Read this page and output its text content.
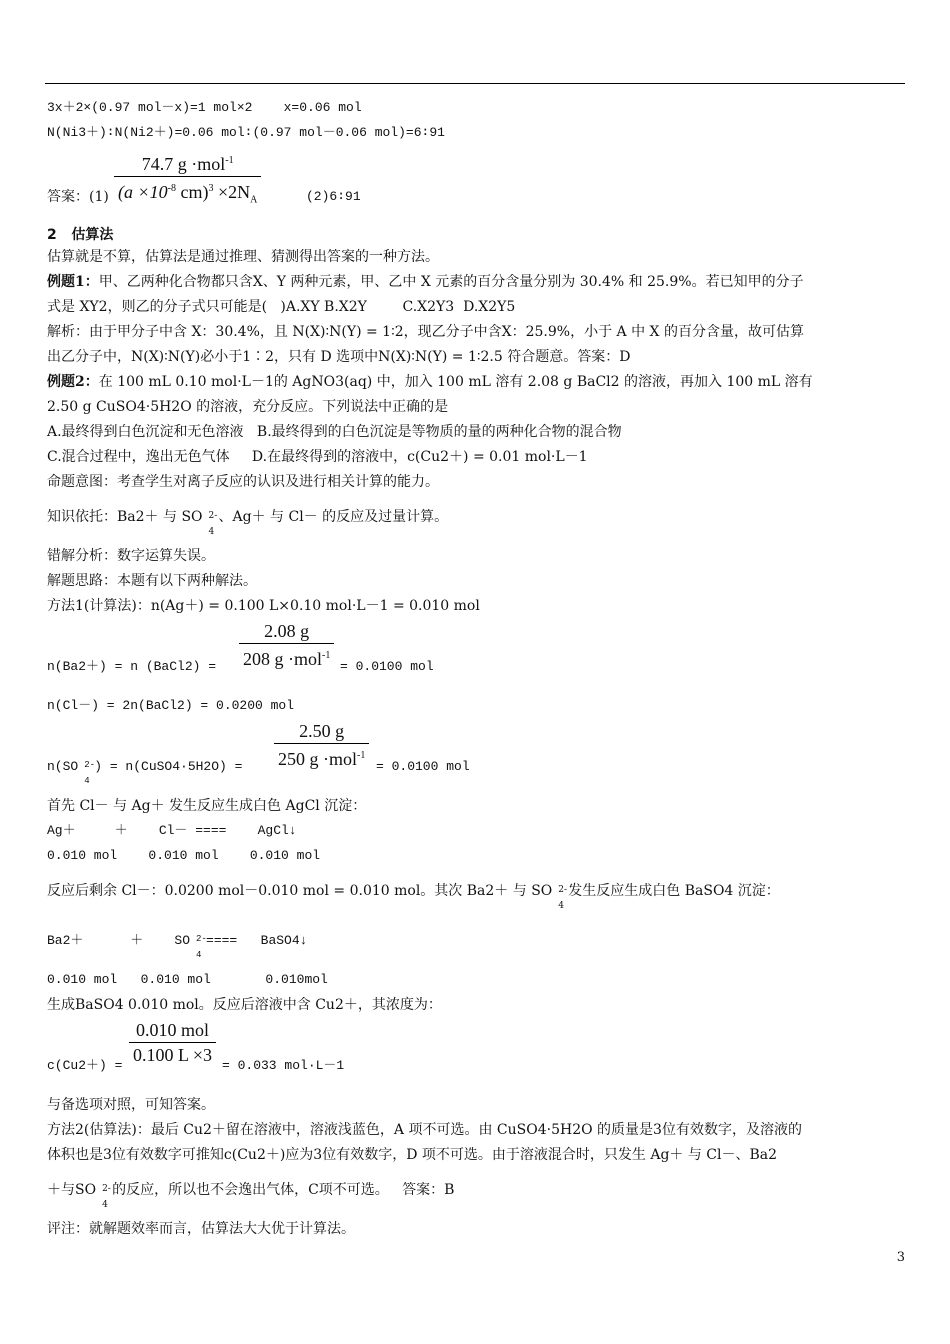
3x＋2×(0.97 mol－x)=1 mol×2    x=0.06 mol
N(Ni3＋)∶N(Ni2＋)=0.06 mol∶(0.97 mol－0.06 mol)=6∶91
答案：(1)
74.7 g ·mol$^{-1}$
($a \times 10^{-8}$ $cm)^3 \times 2N_A$	(2)6∶91
2   估算法
估算就是不算，估算法是通过推理、猜测得出答案的一种方法。
例题1：甲、乙两种化合物都只含X、Y 两种元素，甲、乙中 X 元素的百分含量分别为 30.4% 和 25.9%。若已知甲的分子
式是 XY2，则乙的分子式只可能是(   )A.XY B.X2Y        C.X2Y3  D.X2Y5
解析：由于甲分子中含 X：30.4%，且 N(X)∶N(Y) = 1∶2，现乙分子中含X：25.9%，小于 A 中 X 的百分含量，故可估算
出乙分子中，N(X)∶N(Y)必小于1∶2，只有 D 选项中N(X)∶N(Y) = 1∶2.5 符合题意。答案：D
例题2：在 100 mL 0.10 mol·L－1的 AgNO3(aq) 中，加入 100 mL 溶有 2.08 g BaCl2 的溶液，再加入 100 mL 溶有
2.50 g CuSO4·5H2O 的溶液，充分反应。下列说法中正确的是
A.最终得到白色沉淀和无色溶液   B.最终得到的白色沉淀是等物质的量的两种化合物的混合物
C.混合过程中，逸出无色气体     D.在最终得到的溶液中，c(Cu2＋) = 0.01 mol·L－1
命题意图：考查学生对离子反应的认识及进行相关计算的能力。
知识依托：Ba2＋ 与 SO 2-
4
、Ag＋ 与 Cl－ 的反应及过量计算。
错解分析：数字运算失误。
解题思路：本题有以下两种解法。
方法1(计算法)：n(Ag＋) = 0.100 L×0.10 mol·L－1 = 0.010 mol
n(Ba2＋) = n (BaCl2) =
2.08 g
208 g ·mol$^{-1}$
= 0.0100 mol
n(Cl－) = 2n(BaCl2) = 0.0200 mol
n(SO 2-
4
) = n(CuSO4·5H2O) =
2.50 g
250 g ·mol$^{-1}$
= 0.0100 mol
首先 Cl－ 与 Ag＋ 发生反应生成白色 AgCl 沉淀：
Ag＋     ＋    Cl－ ====    AgCl↓
0.010 mol    0.010 mol    0.010 mol
反应后剩余 Cl－：0.0200 mol－0.010 mol = 0.010 mol。其次 Ba2＋ 与 SO 2-
4
发生反应生成白色 BaSO4 沉淀：
Ba2＋      ＋    SO 2-
4
====   BaSO4↓
0.010 mol   0.010 mol       0.010mol
生成BaSO4 0.010 mol。反应后溶液中含 Cu2＋，其浓度为：
c(Cu2＋) =
0.010 mol
0.100 L ×3
= 0.033 mol·L－1
与备选项对照，可知答案。
方法2(估算法)：最后 Cu2＋留在溶液中，溶液浅蓝色，A 项不可选。由 CuSO4·5H2O 的质量是3位有效数字，及溶液的
体积也是3位有效数字可推知c(Cu2＋)应为3位有效数字，D 项不可选。由于溶液混合时，只发生 Ag＋ 与 Cl－、Ba2
＋与SO 2-
4
的反应，所以也不会逸出气体，C项不可选。   答案：B
评注：就解题效率而言，估算法大大优于计算法。
3
